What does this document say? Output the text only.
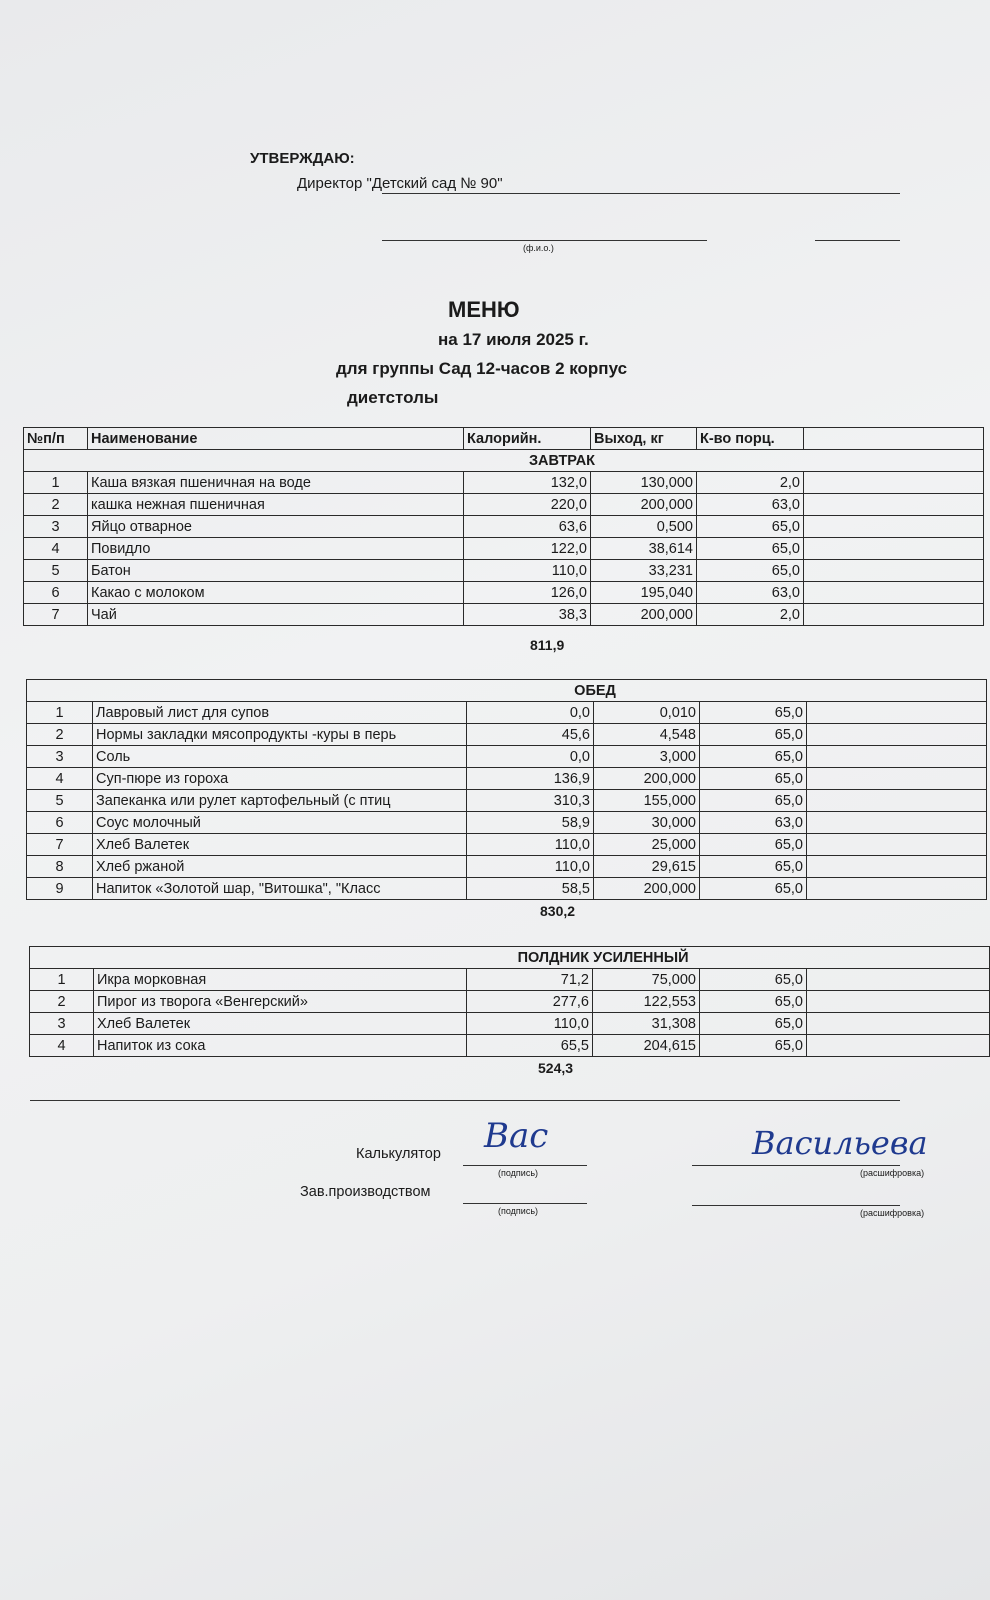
УТВЕРЖДАЮ:
Директор "Детский сад № 90"
(ф.и.о.)
МЕНЮ
на 17 июля 2025 г.
для группы Сад 12-часов 2 корпус
диетстолы
№п/п	Наименование	Калорийн.	Выход, кг	К-во порц.	
ЗАВТРАК					
1	Каша вязкая пшеничная на воде	132,0	130,000	2,0	
2	кашка нежная пшеничная	220,0	200,000	63,0	
3	Яйцо отварное	63,6	0,500	65,0	
4	Повидло	122,0	38,614	65,0	
5	Батон	110,0	33,231	65,0	
6	Какао с молоком	126,0	195,040	63,0	
7	Чай	38,3	200,000	2,0	
811,9
ОБЕД					
1	Лавровый лист для супов	0,0	0,010	65,0	
2	Нормы закладки мясопродукты -куры в перь	45,6	4,548	65,0	
3	Соль	0,0	3,000	65,0	
4	Суп-пюре из гороха	136,9	200,000	65,0	
5	Запеканка или рулет картофельный (с птиц	310,3	155,000	65,0	
6	Соус молочный	58,9	30,000	63,0	
7	Хлеб Валетек	110,0	25,000	65,0	
8	Хлеб ржаной	110,0	29,615	65,0	
9	Напиток «Золотой шар, "Витошка", "Класс	58,5	200,000	65,0	
830,2
ПОЛДНИК УСИЛЕННЫЙ					
1	Икра морковная	71,2	75,000	65,0	
2	Пирог из творога «Венгерский»	277,6	122,553	65,0	
3	Хлеб Валетек	110,0	31,308	65,0	
4	Напиток из сока	65,5	204,615	65,0	
524,3
Калькулятор Вас
(подпись)
Васильева
(расшифровка)
Зав.производством
(подпись)	(расшифровка)
